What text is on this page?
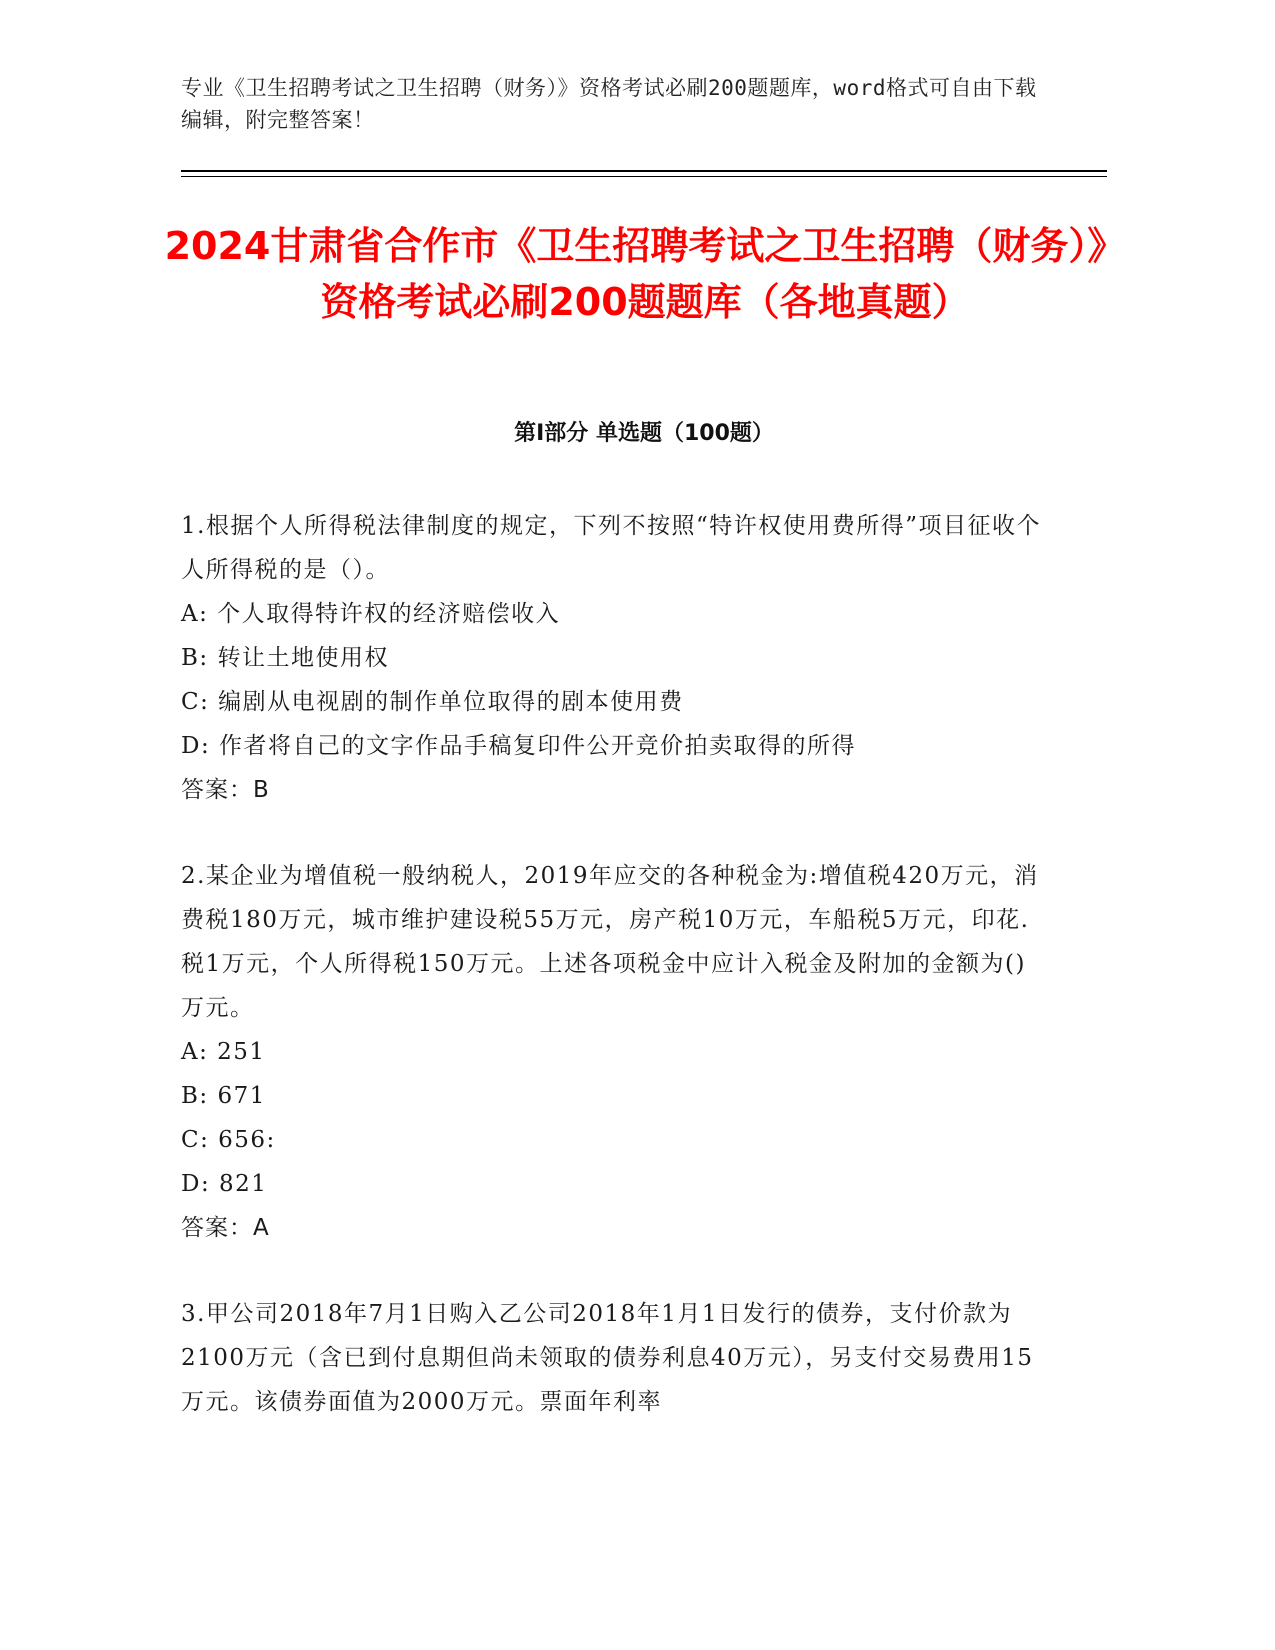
专业《卫生招聘考试之卫生招聘（财务）》资格考试必刷200题题库，word格式可自由下载编辑，附完整答案！
2024甘肃省合作市《卫生招聘考试之卫生招聘（财务）》资格考试必刷200题题库（各地真题）
第I部分 单选题（100题）

1.根据个人所得税法律制度的规定，下列不按照“特许权使用费所得”项目征收个人所得税的是（）。

A: 个人取得特许权的经济赔偿收入

B: 转让土地使用权

C: 编剧从电视剧的制作单位取得的剧本使用费

D: 作者将自己的文字作品手稿复印件公开竞价拍卖取得的所得

答案：B

2.某企业为增值税一般纳税人，2019年应交的各种税金为:增值税420万元，消费税180万元，城市维护建设税55万元，房产税10万元，车船税5万元，印花.税1万元，个人所得税150万元。上述各项税金中应计入税金及附加的金额为()万元。

A: 251

B: 671

C: 656:

D: 821

答案：A

3.甲公司2018年7月1日购入乙公司2018年1月1日发行的债券，支付价款为2100万元（含已到付息期但尚未领取的债券利息40万元），另支付交易费用15万元。该债券面值为2000万元。票面年利率
